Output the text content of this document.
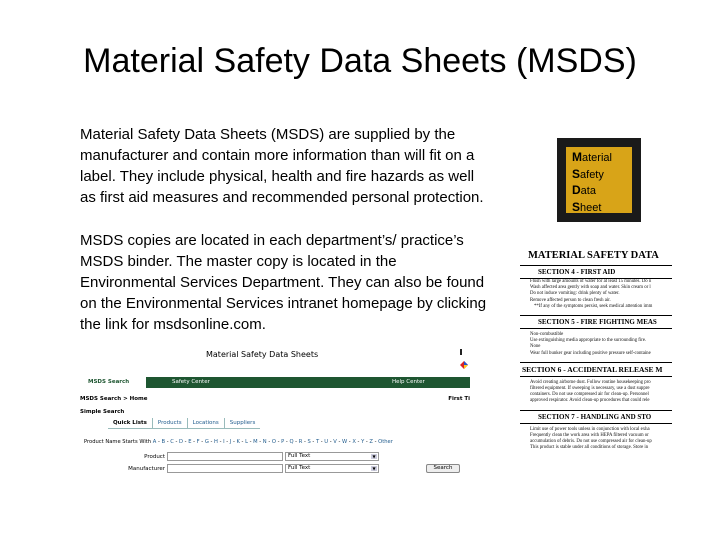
Material Safety Data Sheets (MSDS)

Material Safety Data Sheets (MSDS) are supplied by the manufacturer and contain more information than will fit on a label. They include physical, health and fire hazards as well as first aid measures and recommended personal protection.

MSDS copies are located in each department’s/ practice’s MSDS binder. The master copy is located in the Environmental Services Department. They can also be found on the Environmental Services intranet homepage by clicking the link for msdsonline.com.

Material
Safety
Data
Sheet
MATERIAL SAFETY DATA
SECTION 4 - FIRST AID
Flush with large amounts of water for at least 15 minutes. Do n
Wash affected area gently with soap and water. Skin cream or l
Do not induce vomiting: drink plenty of water.
Remove affected person to clean fresh air.
**If any of the symptoms persist, seek medical attention imm
SECTION 5 - FIRE FIGHTING MEAS
Non-combustible
Use extinguishing media appropriate to the surrounding fire.
None
Wear full bunker gear including positive pressure self-containe
SECTION 6 - ACCIDENTAL RELEASE M
Avoid creating airborne dust. Follow routine housekeeping pro
filtered equipment. If sweeping is necessary, use a dust suppre
containers. Do not use compressed air for clean-up. Personnel
approved respirator. Avoid clean-up procedures that could rele
SECTION 7 - HANDLING AND STO
Limit use of power tools unless in conjunction with local exha
Frequently clean the work area with HEPA filtered vacuum or
accumulation of debris. Do not use compressed air for clean-up
This product is stable under all conditions of storage. Store in
Material Safety Data Sheets
MSDS Search	Safety Center	Help Center
MSDS Search > Home	First Ti
Simple Search
Quick Lists	Products	Locations	Suppliers
Product Name Starts With A - B - C - D - E - F - G - H - I - J - K - L - M - N - O - P - Q - R - S - T - U - V - W - X - Y - Z - Other
Product	Full Text	▼
Manufacturer	Full Text	▼	Search
